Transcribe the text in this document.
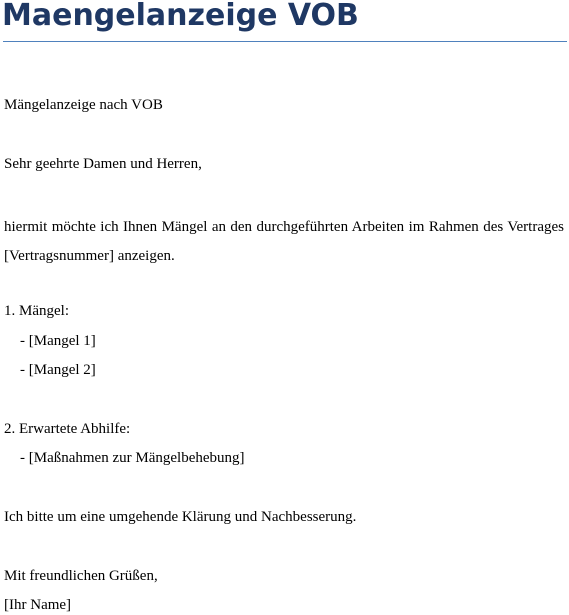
Maengelanzeige VOB

Mängelanzeige nach VOB

Sehr geehrte Damen und Herren,

hiermit möchte ich Ihnen Mängel an den durchgeführten Arbeiten im Rahmen des Vertrages [Vertragsnummer] anzeigen.

1. Mängel:

- [Mangel 1]

- [Mangel 2]

2. Erwartete Abhilfe:

- [Maßnahmen zur Mängelbehebung]

Ich bitte um eine umgehende Klärung und Nachbesserung.

Mit freundlichen Grüßen,

[Ihr Name]
